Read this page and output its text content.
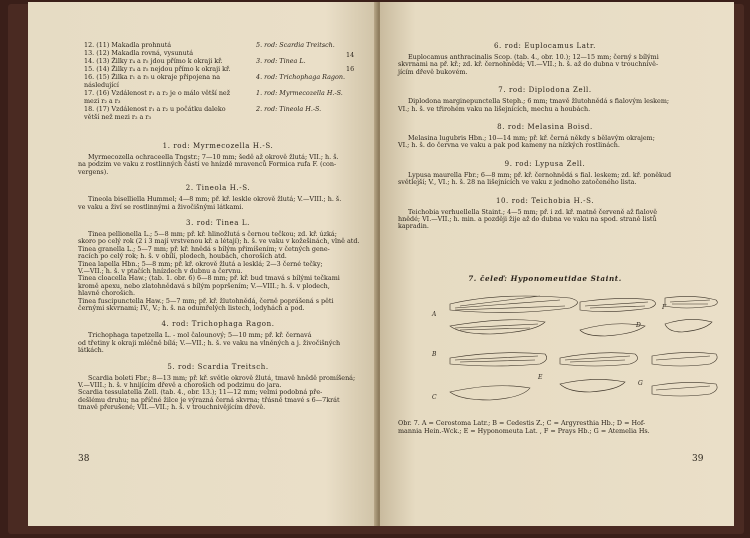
12. (11) Makadla prohnutá
13. (12) Makadla rovná, vysunutá
14. (13) Žilky r₄ a r₅ jdou přímo k okraji kř.
15. (14) Žilky r₄ a r₅ nejdou přímo k okraji kř.
16. (15) Žilka r₁ a r₅ u okraje připojena na
následující
17. (16) Vzdálenost r₁ a r₂ je o málo větší než
mezi r₂ a r₃
18. (17) Vzdálenost r₁ a r₂ u počátku daleko
větší než mezi r₂ a r₃
5. rod: Scardia Treitsch.
14
3. rod: Tinea L.
16
4. rod: Trichophaga Ragon.
1. rod: Myrmecozella H.-S.
2. rod: Tineola H.-S.
1. rod: Myrmecozella H.-S.
Myrmecozella ochraceella Tngstr.; 7—10 mm; šedě až okrově žlutá; VII.; h. š.
na podzim ve vaku z rostlinných částí ve hnízdě mravenců Formica rufa F. (con-
vergens).
2. Tineola H.-S.
Tineola biselliella Hummel; 4—8 mm; př. kř. leskle okrově žlutá; V.—VIII.; h. š.
ve vaku a živí se rostlinnými a živočišnými látkami.
3. rod: Tinea L.
Tinea pellionella L.; 5—8 mm; př. kř. hlinožlutá s černou tečkou; zd. kř. úzká;
skoro po celý rok (2 i 3 mají vrstvenou kř. a létají); h. š. ve vaku v kožešinách, vlně atd.
Tinea granella L.; 5—7 mm; př. kř. hnědá s bílým přimíšením; v četných gene-
racích po celý rok; h. š. v obilí, plodech, houbách, choroších atd.
Tinea lapella Hbn.; 5—8 mm; př. kř. okrově žlutá a lesklá; 2—3 černé tečky;
V.—VII.; h. š. v ptačích hnízdech v dubnu a červnu.
Tinea cloacella Haw.; (tab. 1. obr. 6) 6—8 mm; př. kř. bud tmavá s bílými tečkami
kromě apexu, nebo zlatohnědavá s bílým popršením; V.—VIII.; h. š. v plodech,
hlavně chorošich.
Tinea fuscipunctella Haw.; 5—7 mm; př. kř. žlutohnědá, černě poprášená s pěti
černými skvrnami; IV., V.; h. š. na odumřelých listech, lodyhách a pod.
4. rod: Trichophaga Ragon.
Trichophaga tapetzella L. - mol čalounový; 5—10 mm; př. kř. černavá
od třetiny k okraji mléčně bílá; V.—VII.; h. š. ve vaku na vlněných a j. živočišných
látkách.
5. rod: Scardia Treitsch.
Scardia boleti Fbr.; 8—13 mm; př. kř. světle okrově žlutá, tmavě hnědě promíšená;
V.—VIII.; h. š. v hnijícím dřevě a chorošich od podzimu do jara.
Scardia tessulatella Zell. (tab. 4., obr. 13.); 11—12 mm; velmi podobná pře-
dešlému druhu; na příčné žilce je výrazná černá skvrna; třásně tmavé s 6—7krát
tmavě přerušené; VII.—VII.; h. š. v trouchnivějícím dřevě.
38
6. rod: Euplocamus Latr.
Euplocamus anthracinalis Scop. (tab. 4., obr. 10.); 12—15 mm; černý s bílými
skvrnami na př. kř.; zd. kř. černohnědá; VI.—VII.; h. š. až do dubna v trouchnivě-
jícím dřevě bukovém.
7. rod: Diplodona Zell.
Diplodona marginepunctella Steph.; 6 mm; tmavě žlutohnědá s fialovým leskem;
VI.; h. š. ve třirohém vaku na lišejnících, mechu a houbách.
8. rod: Melasina Boisd.
Melasina lugubris Hbn.; 10—14 mm; př. kř. černá někdy s bělavým okrajem;
VI.; h. š. do června ve vaku a pak pod kameny na nízkých rostlinách.
9. rod: Lypusa Zell.
Lypusa maurella Fbr.; 6—8 mm; př. kř. černohnědá s fial. leskem; zd. kř. poněkud
světlejší; V., VI.; h. š. 28 na lišejnících ve vaku z jednoho zatočeného lista.
10. rod: Teichobia H.-S.
Teichobia verhuellella Staint.; 4—5 mm; př. i zd. kř. matně červeně až fialově
hnědé; VI.—VII.; h. min. a později žije až do dubna ve vaku na spod. straně listů
kapradin.
7. čeleď: Hyponomeutidae Staint.
A
B
C
D
E
F
G
Obr. 7. A = Cerostoma Latr.; B = Cedestis Z.; C = Argyresthia Hb.; D = Hof-
mannia Hein.-Wck.; E = Hyponomeuta Lat. , F = Prays Hb.; G = Atemelia Hs.
39
